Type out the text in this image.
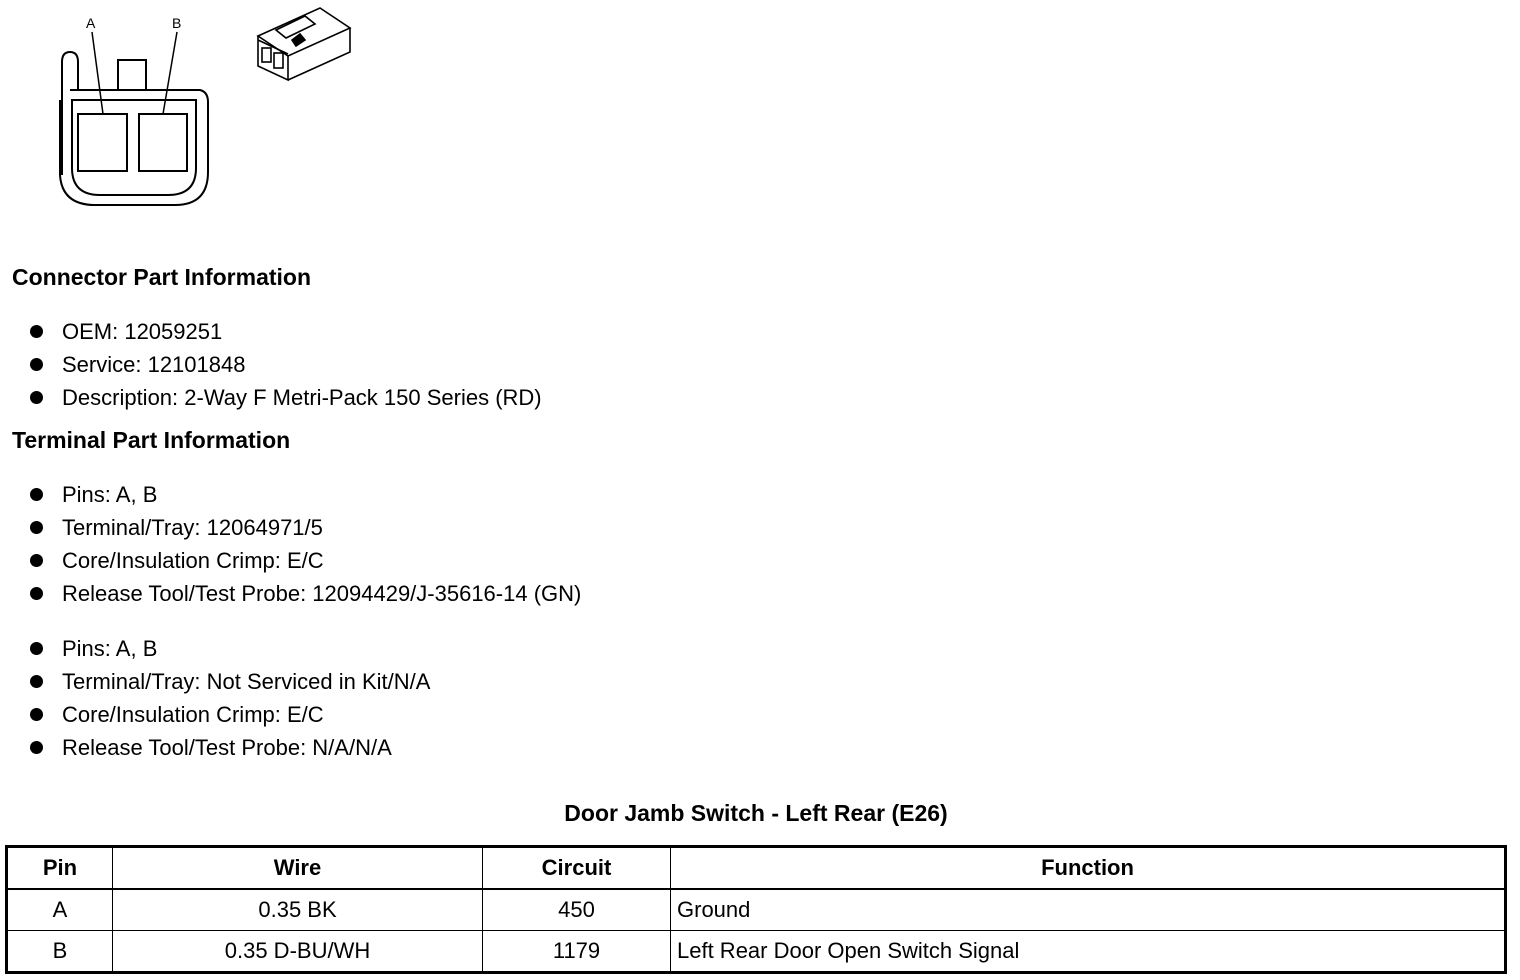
A	B
Connector Part Information
OEM: 12059251
Service: 12101848
Description: 2-Way F Metri-Pack 150 Series (RD)
Terminal Part Information
Pins: A, B
Terminal/Tray: 12064971/5
Core/Insulation Crimp: E/C
Release Tool/Test Probe: 12094429/J-35616-14 (GN)
Pins: A, B
Terminal/Tray: Not Serviced in Kit/N/A
Core/Insulation Crimp: E/C
Release Tool/Test Probe: N/A/N/A
Door Jamb Switch - Left Rear (E26)
Pin	Wire	Circuit	Function
A	0.35 BK	450	Ground
B	0.35 D-BU/WH	1179	Left Rear Door Open Switch Signal
